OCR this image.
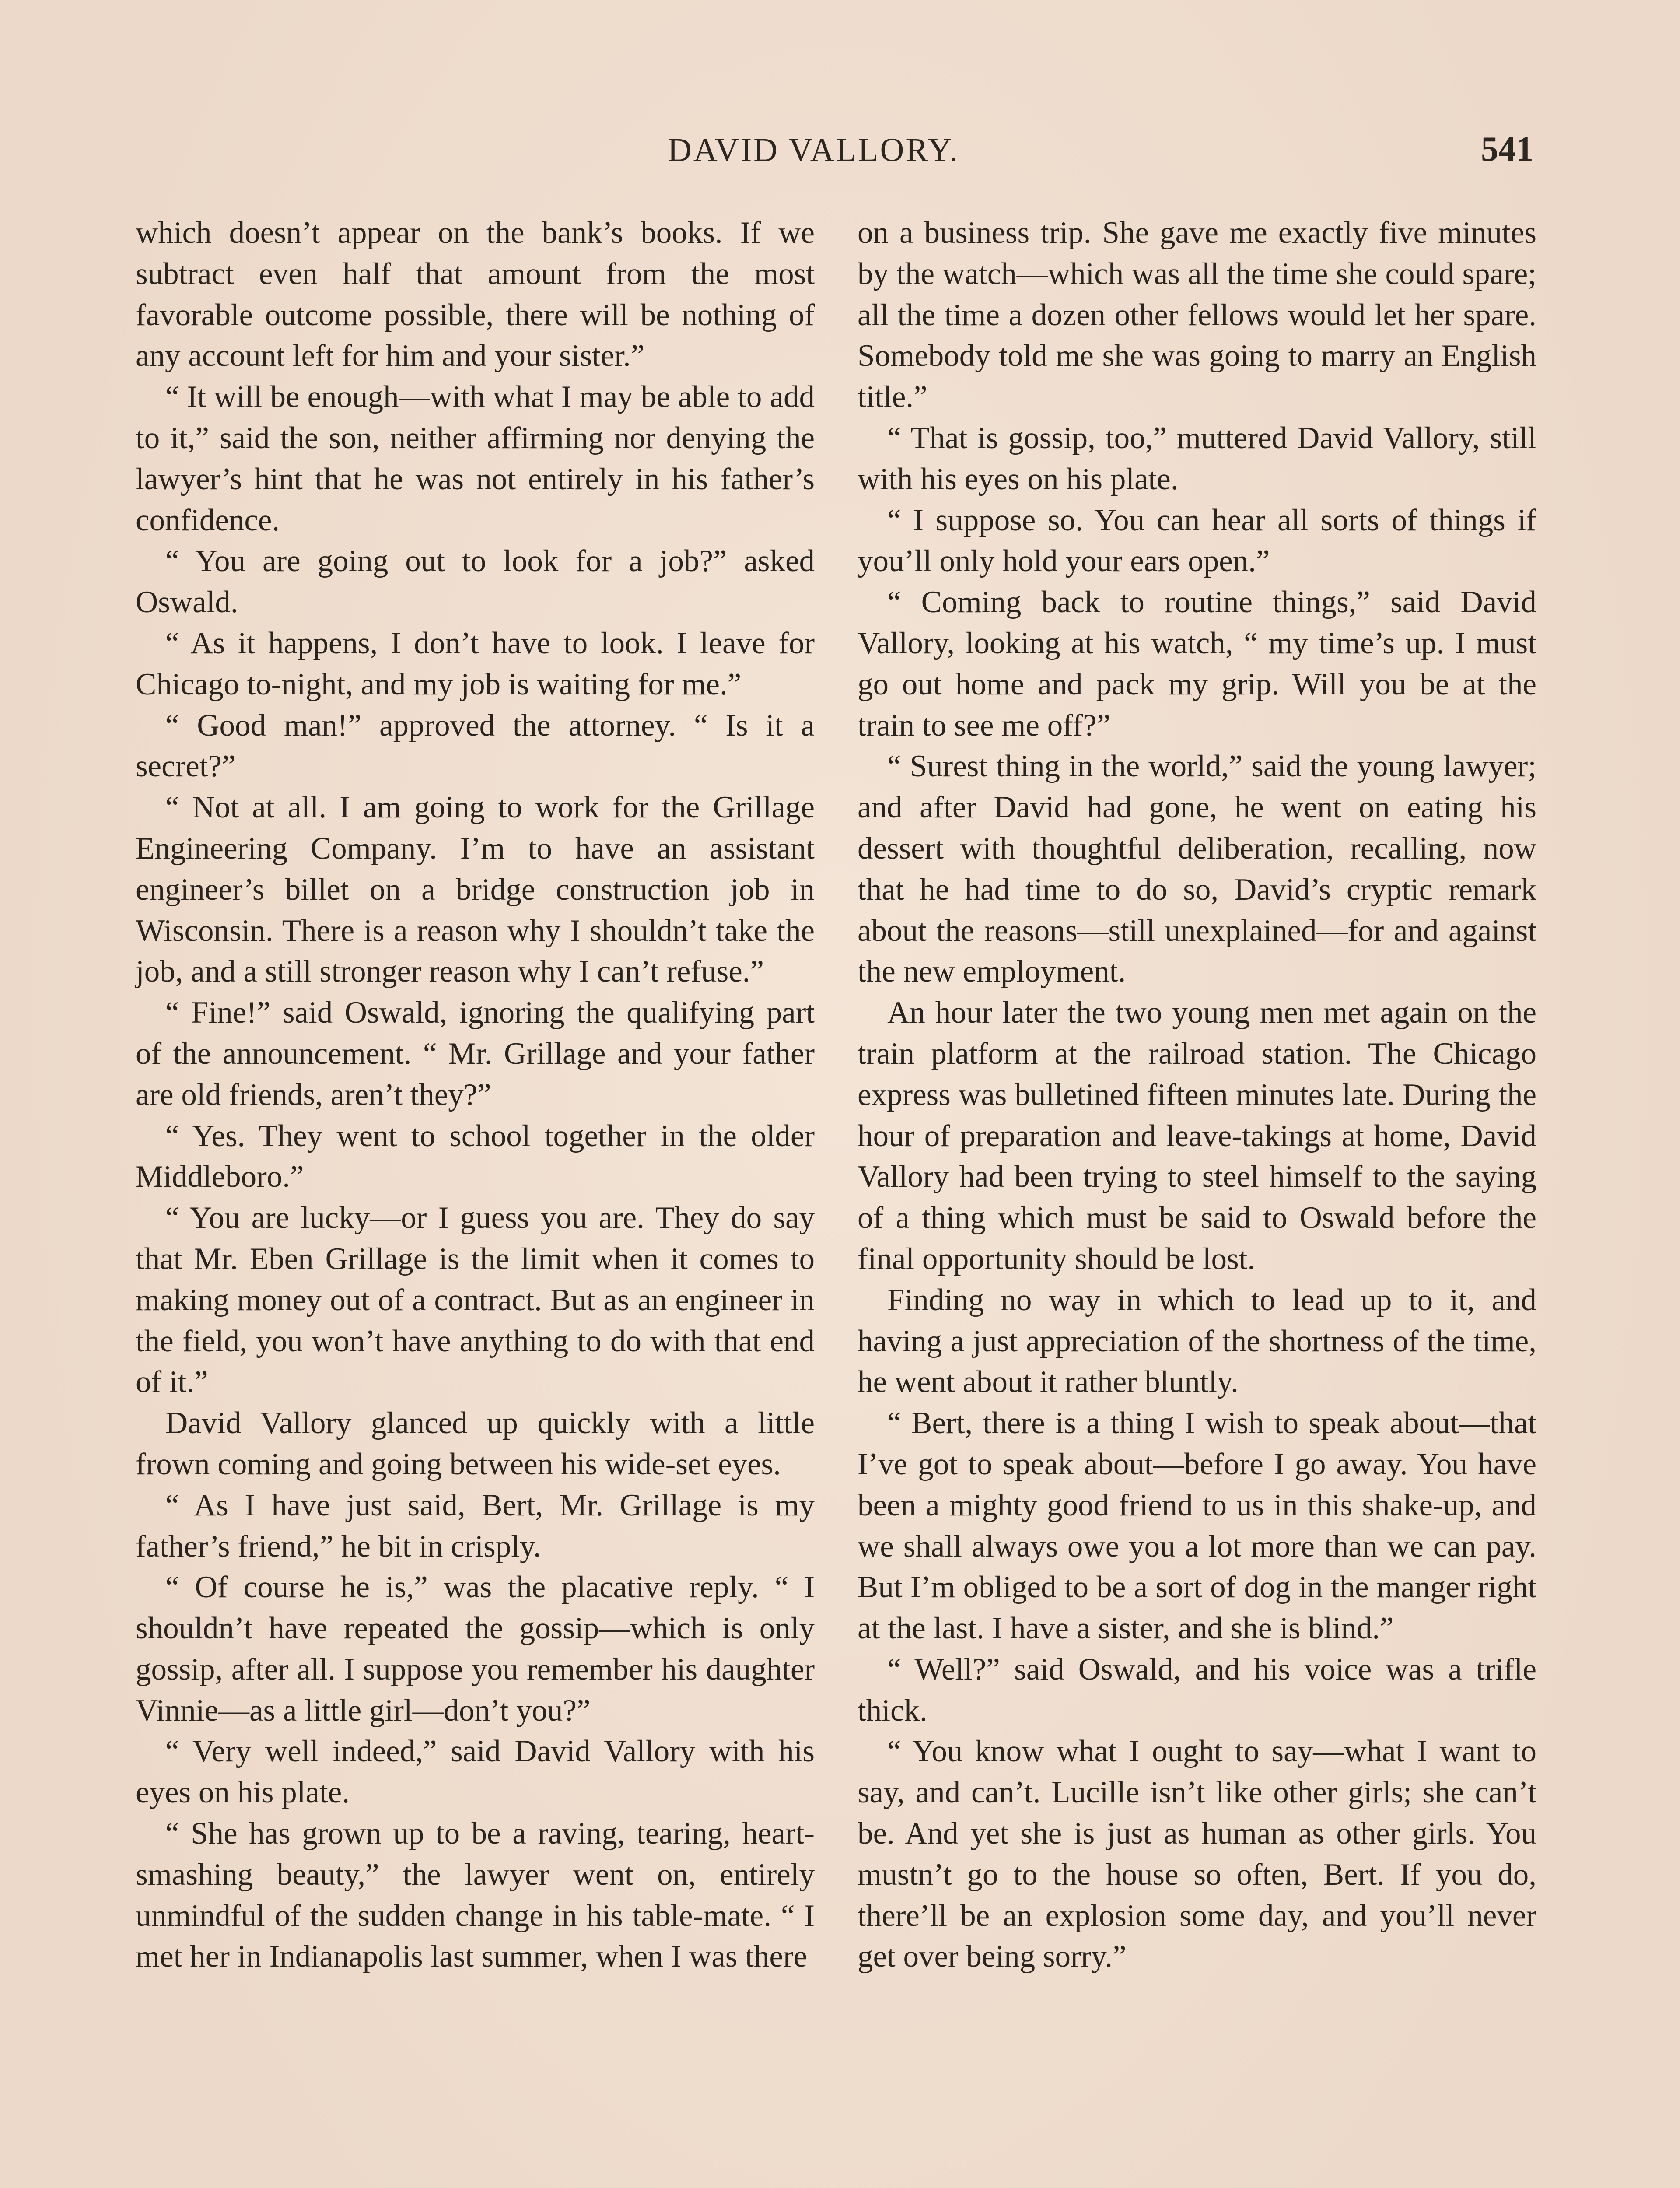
DAVID VALLORY.	541

which doesn’t appear on the bank’s books. If we subtract even half that amount from the most favorable outcome possible, there will be nothing of any account left for him and your sister.”

“ It will be enough—with what I may be able to add to it,” said the son, neither affirming nor denying the lawyer’s hint that he was not entirely in his father’s confidence.

“ You are going out to look for a job?” asked Oswald.

“ As it happens, I don’t have to look. I leave for Chicago to-night, and my job is waiting for me.”

“ Good man!” approved the attorney. “ Is it a secret?”

“ Not at all. I am going to work for the Grillage Engineering Company. I’m to have an assistant engineer’s billet on a bridge construction job in Wisconsin. There is a reason why I shouldn’t take the job, and a still stronger reason why I can’t refuse.”

“ Fine!” said Oswald, ignoring the qualifying part of the announcement. “ Mr. Grillage and your father are old friends, aren’t they?”

“ Yes. They went to school together in the older Middleboro.”

“ You are lucky—or I guess you are. They do say that Mr. Eben Grillage is the limit when it comes to making money out of a contract. But as an engineer in the field, you won’t have anything to do with that end of it.”

David Vallory glanced up quickly with a little frown coming and going between his wide-set eyes.

“ As I have just said, Bert, Mr. Grillage is my father’s friend,” he bit in crisply.

“ Of course he is,” was the placative reply. “ I shouldn’t have repeated the gossip—which is only gossip, after all. I suppose you remember his daughter Vinnie—as a little girl—don’t you?”

“ Very well indeed,” said David Vallory with his eyes on his plate.

“ She has grown up to be a raving, tearing, heart-smashing beauty,” the lawyer went on, entirely unmindful of the sudden change in his table-mate. “ I met her in Indianapolis last summer, when I was there

on a business trip. She gave me exactly five minutes by the watch—which was all the time she could spare; all the time a dozen other fellows would let her spare. Somebody told me she was going to marry an English title.”

“ That is gossip, too,” muttered David Vallory, still with his eyes on his plate.

“ I suppose so. You can hear all sorts of things if you’ll only hold your ears open.”

“ Coming back to routine things,” said David Vallory, looking at his watch, “ my time’s up. I must go out home and pack my grip. Will you be at the train to see me off?”

“ Surest thing in the world,” said the young lawyer; and after David had gone, he went on eating his dessert with thoughtful deliberation, recalling, now that he had time to do so, David’s cryptic remark about the reasons—still unexplained—for and against the new employment.

An hour later the two young men met again on the train platform at the railroad station. The Chicago express was bulletined fifteen minutes late. During the hour of preparation and leave-takings at home, David Vallory had been trying to steel himself to the saying of a thing which must be said to Oswald before the final opportunity should be lost.

Finding no way in which to lead up to it, and having a just appreciation of the shortness of the time, he went about it rather bluntly.

“ Bert, there is a thing I wish to speak about—that I’ve got to speak about—before I go away. You have been a mighty good friend to us in this shake-up, and we shall always owe you a lot more than we can pay. But I’m obliged to be a sort of dog in the manger right at the last. I have a sister, and she is blind.”

“ Well?” said Oswald, and his voice was a trifle thick.

“ You know what I ought to say—what I want to say, and can’t. Lucille isn’t like other girls; she can’t be. And yet she is just as human as other girls. You mustn’t go to the house so often, Bert. If you do, there’ll be an explosion some day, and you’ll never get over being sorry.”
